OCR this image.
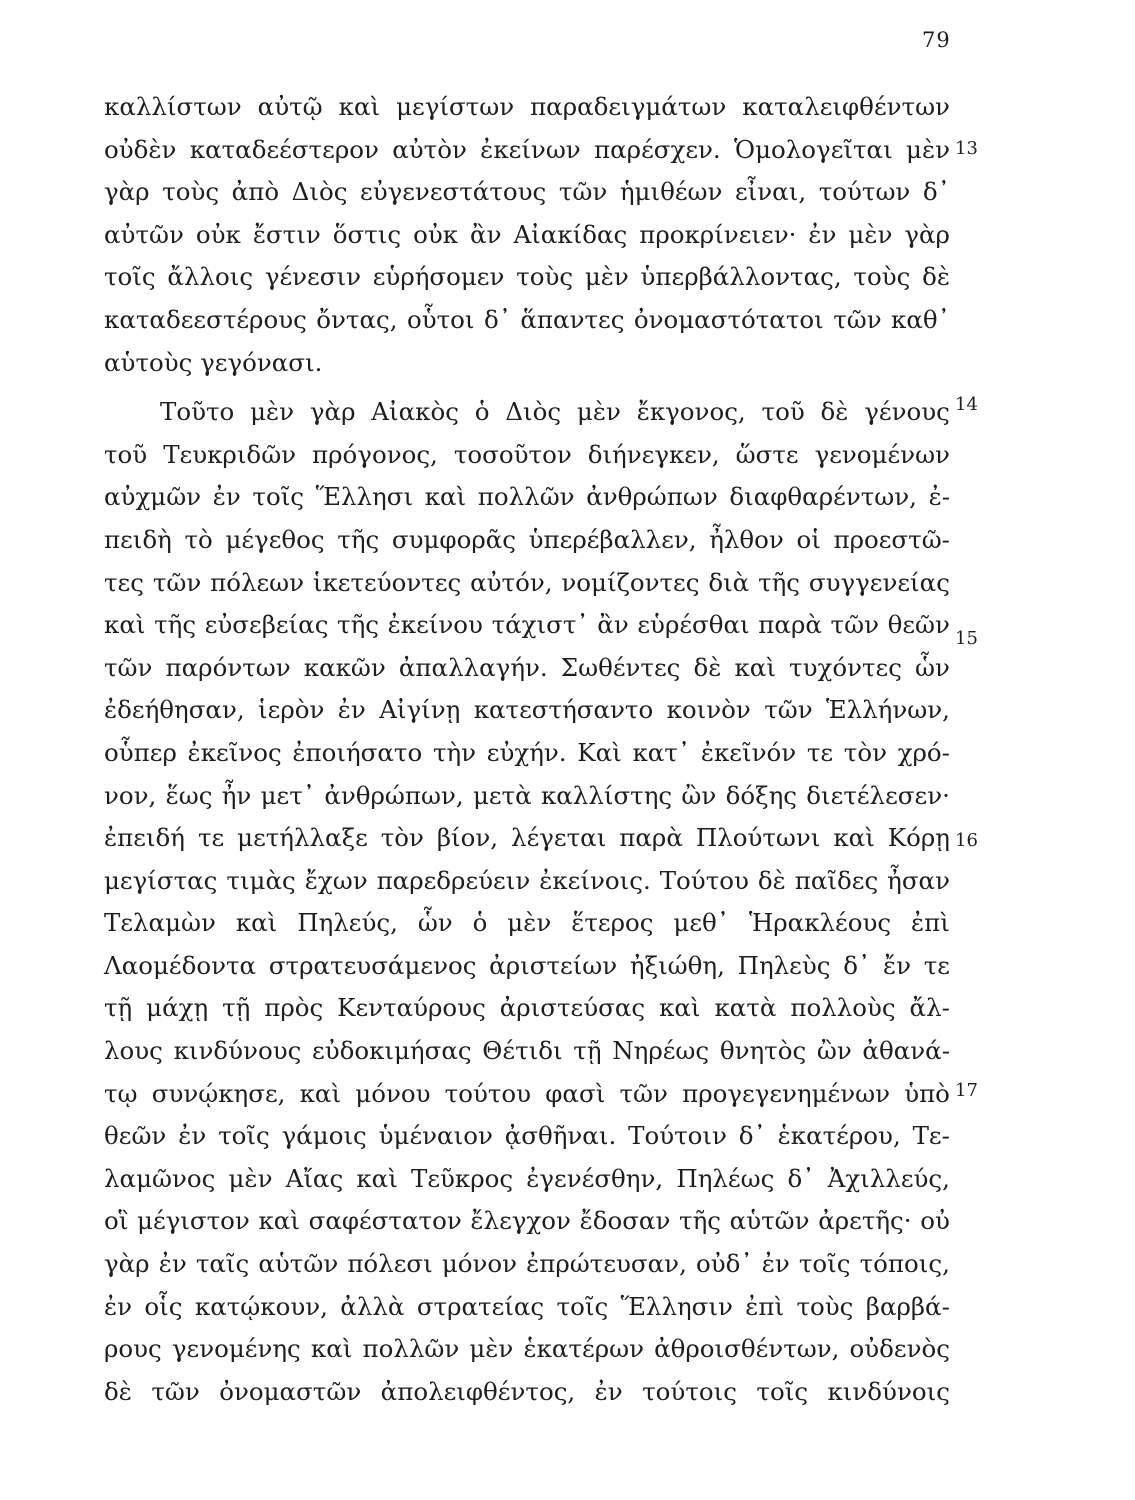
79
καλλίστων αὐτῷ καὶ μεγίστων παραδειγμάτων καταλειφθέντων
οὐδὲν καταδεέστερον αὐτὸν ἐκείνων παρέσχεν. Ὁμολογεῖται μὲν
γὰρ τοὺς ἀπὸ Διὸς εὐγενεστάτους τῶν ἡμιθέων εἶναι, τούτων δ᾽
αὐτῶν οὐκ ἔστιν ὅστις οὐκ ἂν Αἰακίδας προκρίνειεν· ἐν μὲν γὰρ
τοῖς ἄλλοις γένεσιν εὑρήσομεν τοὺς μὲν ὑπερβάλλοντας, τοὺς δὲ
καταδεεστέρους ὄντας, οὗτοι δ᾽ ἅπαντες ὀνομαστότατοι τῶν καθ᾽
αὑτοὺς γεγόνασι.
Τοῦτο μὲν γὰρ Αἰακὸς ὁ Διὸς μὲν ἔκγονος, τοῦ δὲ γένους
τοῦ Τευκριδῶν πρόγονος, τοσοῦτον διήνεγκεν, ὥστε γενομένων
αὐχμῶν ἐν τοῖς Ἕλλησι καὶ πολλῶν ἀνθρώπων διαφθαρέντων, ἐ-
πειδὴ τὸ μέγεθος τῆς συμφορᾶς ὑπερέβαλλεν, ἦλθον οἱ προεστῶ-
τες τῶν πόλεων ἱκετεύοντες αὐτόν, νομίζοντες διὰ τῆς συγγενείας
καὶ τῆς εὐσεβείας τῆς ἐκείνου τάχιστ᾽ ἂν εὑρέσθαι παρὰ τῶν θεῶν
τῶν παρόντων κακῶν ἀπαλλαγήν. Σωθέντες δὲ καὶ τυχόντες ὧν
ἐδεήθησαν, ἱερὸν ἐν Αἰγίνῃ κατεστήσαντο κοινὸν τῶν Ἑλλήνων,
οὗπερ ἐκεῖνος ἐποιήσατο τὴν εὐχήν. Καὶ κατ᾽ ἐκεῖνόν τε τὸν χρό-
νον, ἕως ἦν μετ᾽ ἀνθρώπων, μετὰ καλλίστης ὢν δόξης διετέλεσεν·
ἐπειδή τε μετήλλαξε τὸν βίον, λέγεται παρὰ Πλούτωνι καὶ Κόρῃ
μεγίστας τιμὰς ἔχων παρεδρεύειν ἐκείνοις. Τούτου δὲ παῖδες ἦσαν
Τελαμὼν καὶ Πηλεύς, ὧν ὁ μὲν ἕτερος μεθ᾽ Ἡρακλέους ἐπὶ
Λαομέδοντα στρατευσάμενος ἀριστείων ἠξιώθη, Πηλεὺς δ᾽ ἔν τε
τῇ μάχῃ τῇ πρὸς Κενταύρους ἀριστεύσας καὶ κατὰ πολλοὺς ἄλ-
λους κινδύνους εὐδοκιμήσας Θέτιδι τῇ Νηρέως θνητὸς ὢν ἀθανά-
τῳ συνῴκησε, καὶ μόνου τούτου φασὶ τῶν προγεγενημένων ὑπὸ
θεῶν ἐν τοῖς γάμοις ὑμέναιον ᾀσθῆναι. Τούτοιν δ᾽ ἑκατέρου, Τε-
λαμῶνος μὲν Αἴας καὶ Τεῦκρος ἐγενέσθην, Πηλέως δ᾽ Ἀχιλλεύς,
οἳ μέγιστον καὶ σαφέστατον ἔλεγχον ἔδοσαν τῆς αὑτῶν ἀρετῆς· οὐ
γὰρ ἐν ταῖς αὑτῶν πόλεσι μόνον ἐπρώτευσαν, οὐδ᾽ ἐν τοῖς τόποις,
ἐν οἷς κατῴκουν, ἀλλὰ στρατείας τοῖς Ἕλλησιν ἐπὶ τοὺς βαρβά-
ρους γενομένης καὶ πολλῶν μὲν ἑκατέρων ἀθροισθέντων, οὐδενὸς
δὲ τῶν ὀνομαστῶν ἀπολειφθέντος, ἐν τούτοις τοῖς κινδύνοις
13
14
15
16
17
